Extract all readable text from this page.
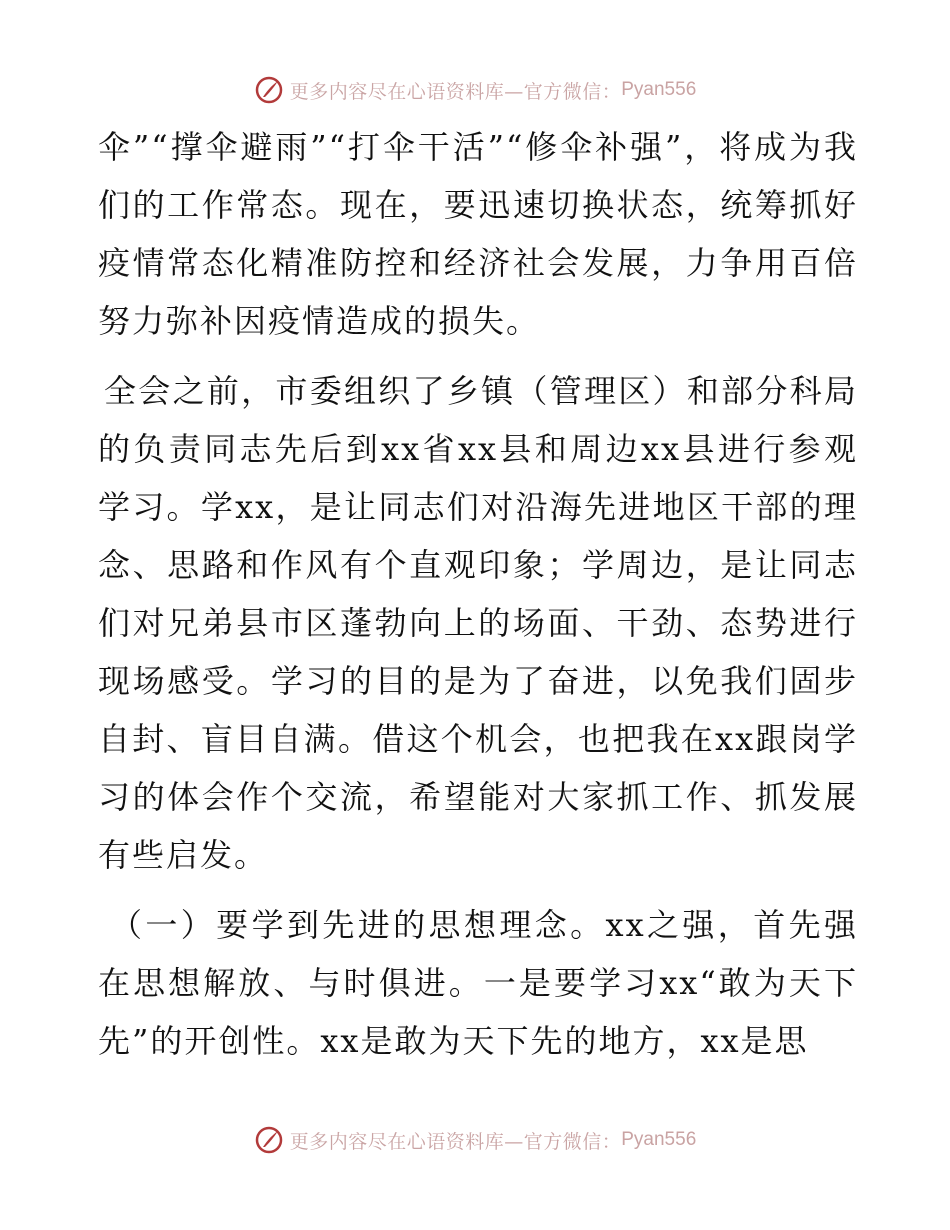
更多内容尽在心语资料库—官方微信： Pyan556

伞”“撑伞避雨”“打伞干活”“修伞补强”，将成为我们的工作常态。现在，要迅速切换状态，统筹抓好疫情常态化精准防控和经济社会发展，力争用百倍努力弥补因疫情造成的损失。

全会之前，市委组织了乡镇（管理区）和部分科局的负责同志先后到xx省xx县和周边xx县进行参观学习。学xx，是让同志们对沿海先进地区干部的理念、思路和作风有个直观印象；学周边，是让同志们对兄弟县市区蓬勃向上的场面、干劲、态势进行现场感受。学习的目的是为了奋进，以免我们固步自封、盲目自满。借这个机会，也把我在xx跟岗学习的体会作个交流，希望能对大家抓工作、抓发展有些启发。

（一）要学到先进的思想理念。xx之强，首先强在思想解放、与时俱进。一是要学习xx“敢为天下先”的开创性。xx是敢为天下先的地方，xx是思

更多内容尽在心语资料库—官方微信： Pyan556
